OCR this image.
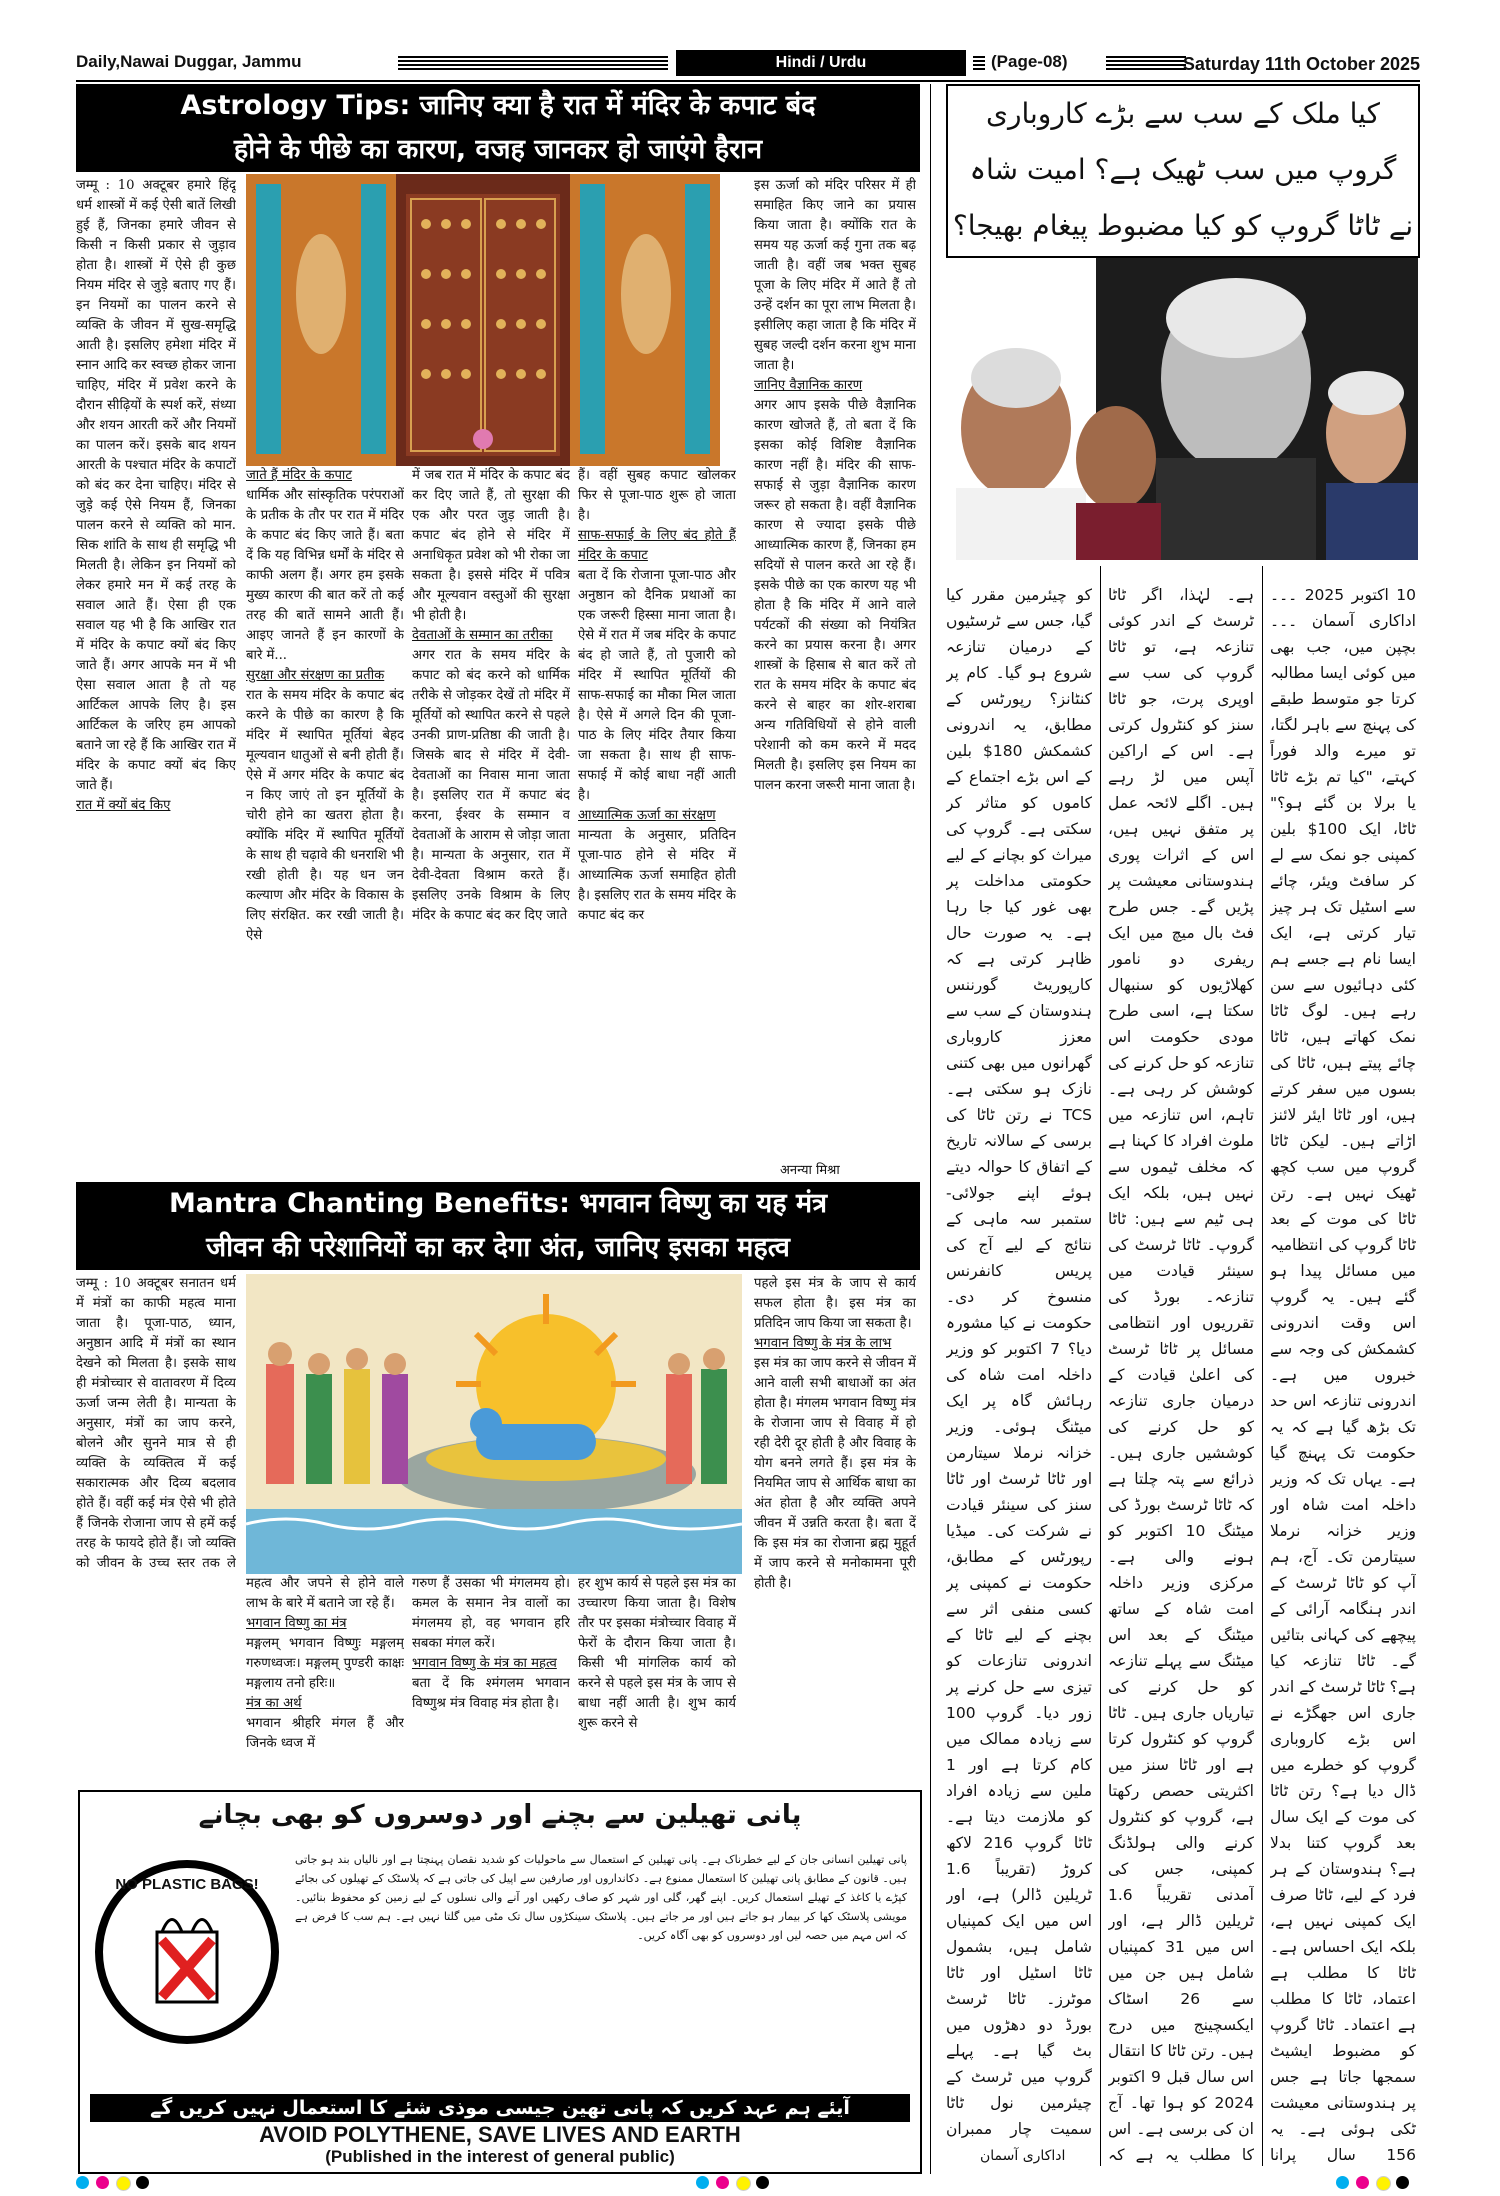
Daily,Nawai Duggar, Jammu	Hindi / Urdu	(Page-08)	Saturday 11th October 2025
Astrology Tips: जानिए क्या है रात में मंदिर के कपाट बंद
होने के पीछे का कारण, वजह जानकर हो जाएंगे हैरान

जम्मू : 10 अक्टूबर हमारे हिंदू धर्म शास्त्रों में कई ऐसी बातें लिखी हुई हैं, जिनका हमारे जीवन से किसी न किसी प्रकार से जुड़ाव होता है। शास्त्रों में ऐसे ही कुछ नियम मंदिर से जुड़े बताए गए हैं। इन नियमों का पालन करने से व्यक्ति के जीवन में सुख-समृद्धि आती है। इसलिए हमेशा मंदिर में स्नान आदि कर स्वच्छ होकर जाना चाहिए, मंदिर में प्रवेश करने के दौरान सीढ़ियों के स्पर्श करें, संध्या और शयन आरती करें और नियमों का पालन करें। इसके बाद शयन आरती के पश्चात मंदिर के कपाटों को बंद कर देना चाहिए। मंदिर से जुड़े कई ऐसे नियम हैं, जिनका पालन करने से व्यक्ति को मान. सिक शांति के साथ ही समृद्धि भी मिलती है। लेकिन इन नियमों को लेकर हमारे मन में कई तरह के सवाल आते हैं। ऐसा ही एक सवाल यह भी है कि आखिर रात में मंदिर के कपाट क्यों बंद किए जाते हैं। अगर आपके मन में भी ऐसा सवाल आता है तो यह आर्टिकल आपके लिए है। इस आर्टिकल के जरिए हम आपको बताने जा रहे हैं कि आखिर रात में मंदिर के कपाट क्यों बंद किए जाते हैं।

रात में क्यों बंद किए

जाते हैं मंदिर के कपाट

धार्मिक और सांस्कृतिक परंपराओं के प्रतीक के तौर पर रात में मंदिर के कपाट बंद किए जाते हैं। बता दें कि यह विभिन्न धर्मों के मंदिर से काफी अलग हैं। अगर हम इसके मुख्य कारण की बात करें तो कई तरह की बातें सामने आती हैं। आइए जानते हैं इन कारणों के बारे में...

सुरक्षा और संरक्षण का प्रतीक

रात के समय मंदिर के कपाट बंद करने के पीछे का कारण है कि मंदिर में स्थापित मूर्तियां बेहद मूल्यवान धातुओं से बनी होती हैं। ऐसे में अगर मंदिर के कपाट बंद न किए जाएं तो इन मूर्तियों के चोरी होने का खतरा होता है। क्योंकि मंदिर में स्थापित मूर्तियों के साथ ही चढ़ावे की धनराशि भी रखी होती है। यह धन जन कल्याण और मंदिर के विकास के लिए संरक्षित. कर रखी जाती है। ऐसे

में जब रात में मंदिर के कपाट बंद कर दिए जाते हैं, तो सुरक्षा की एक और परत जुड़ जाती है। कपाट बंद होने से मंदिर में अनाधिकृत प्रवेश को भी रोका जा सकता है। इससे मंदिर में पवित्र और मूल्यवान वस्तुओं की सुरक्षा भी होती है।

देवताओं के सम्मान का तरीका

अगर रात के समय मंदिर के कपाट को बंद करने को धार्मिक तरीके से जोड़कर देखें तो मंदिर में मूर्तियों को स्थापित करने से पहले उनकी प्राण-प्रतिष्ठा की जाती है। जिसके बाद से मंदिर में देवी-देवताओं का निवास माना जाता है। इसलिए रात में कपाट बंद करना, ईश्वर के सम्मान व देवताओं के आराम से जोड़ा जाता है। मान्यता के अनुसार, रात में देवी-देवता विश्राम करते हैं। इसलिए उनके विश्राम के लिए मंदिर के कपाट बंद कर दिए जाते

हैं। वहीं सुबह कपाट खोलकर फिर से पूजा-पाठ शुरू हो जाता है।

साफ-सफाई के लिए बंद होते हैं मंदिर के कपाट

बता दें कि रोजाना पूजा-पाठ और अनुष्ठान को दैनिक प्रथाओं का एक जरूरी हिस्सा माना जाता है। ऐसे में रात में जब मंदिर के कपाट बंद हो जाते हैं, तो पुजारी को मंदिर में स्थापित मूर्तियों की साफ-सफाई का मौका मिल जाता है। ऐसे में अगले दिन की पूजा-पाठ के लिए मंदिर तैयार किया जा सकता है। साथ ही साफ-सफाई में कोई बाधा नहीं आती है।

आध्यात्मिक ऊर्जा का संरक्षण

मान्यता के अनुसार, प्रतिदिन पूजा-पाठ होने से मंदिर में आध्यात्मिक ऊर्जा समाहित होती है। इसलिए रात के समय मंदिर के कपाट बंद कर

इस ऊर्जा को मंदिर परिसर में ही समाहित किए जाने का प्रयास किया जाता है। क्योंकि रात के समय यह ऊर्जा कई गुना तक बढ़ जाती है। वहीं जब भक्त सुबह पूजा के लिए मंदिर में आते हैं तो उन्हें दर्शन का पूरा लाभ मिलता है। इसीलिए कहा जाता है कि मंदिर में सुबह जल्दी दर्शन करना शुभ माना जाता है।

जानिए वैज्ञानिक कारण

अगर आप इसके पीछे वैज्ञानिक कारण खोजते हैं, तो बता दें कि इसका कोई विशिष्ट वैज्ञानिक कारण नहीं है। मंदिर की साफ-सफाई से जुड़ा वैज्ञानिक कारण जरूर हो सकता है। वहीं वैज्ञानिक कारण से ज्यादा इसके पीछे आध्यात्मिक कारण हैं, जिनका हम सदियों से पालन करते आ रहे हैं। इसके पीछे का एक कारण यह भी होता है कि मंदिर में आने वाले पर्यटकों की संख्या को नियंत्रित करने का प्रयास करना है। अगर शास्त्रों के हिसाब से बात करें तो रात के समय मंदिर के कपाट बंद करने से बाहर का शोर-शराबा अन्य गतिविधियों से होने वाली परेशानी को कम करने में मदद मिलती है। इसलिए इस नियम का पालन करना जरूरी माना जाता है।

अनन्या मिश्रा
Mantra Chanting Benefits: भगवान विष्णु का यह मंत्र
जीवन की परेशानियों का कर देगा अंत, जानिए इसका महत्व

जम्मू : 10 अक्टूबर सनातन धर्म में मंत्रों का काफी महत्व माना जाता है। पूजा-पाठ, ध्यान, अनुष्ठान आदि में मंत्रों का स्थान देखने को मिलता है। इसके साथ ही मंत्रोच्चार से वातावरण में दिव्य ऊर्जा जन्म लेती है। मान्यता के अनुसार, मंत्रों का जाप करने, बोलने और सुनने मात्र से ही व्यक्ति के व्यक्तित्व में कई सकारात्मक और दिव्य बदलाव होते हैं। वहीं कई मंत्र ऐसे भी होते हैं जिनके रोजाना जाप से हमें कई तरह के फायदे होते हैं। जो व्यक्ति को जीवन के उच्च स्तर तक ले

महत्व और जपने से होने वाले लाभ के बारे में बताने जा रहे हैं।

भगवान विष्णु का मंत्र

मङ्गलम् भगवान विष्णुः मङ्गलम् गरुणध्वजः। मङ्गलम् पुण्डरी काक्षः मङ्गलाय तनो हरिः॥

मंत्र का अर्थ

भगवान श्रीहरि मंगल हैं और जिनके ध्वज में

गरुण हैं उसका भी मंगलमय हो। कमल के समान नेत्र वालों का मंगलमय हो, वह भगवान हरि सबका मंगल करें।

भगवान विष्णु के मंत्र का महत्व

बता दें कि श्मंगलम भगवान विष्णुश्र मंत्र विवाह मंत्र होता है।

हर शुभ कार्य से पहले इस मंत्र का उच्चारण किया जाता है। विशेष तौर पर इसका मंत्रोच्चार विवाह में फेरों के दौरान किया जाता है। किसी भी मांगलिक कार्य को करने से पहले इस मंत्र के जाप से बाधा नहीं आती है। शुभ कार्य शुरू करने से

पहले इस मंत्र के जाप से कार्य सफल होता है। इस मंत्र का प्रतिदिन जाप किया जा सकता है।

भगवान विष्णु के मंत्र के लाभ

इस मंत्र का जाप करने से जीवन में आने वाली सभी बाधाओं का अंत होता है। मंगलम भगवान विष्णु मंत्र के रोजाना जाप से विवाह में हो रही देरी दूर होती है और विवाह के योग बनने लगते हैं। इस मंत्र के नियमित जाप से आर्थिक बाधा का अंत होता है और व्यक्ति अपने जीवन में उन्नति करता है। बता दें कि इस मंत्र का रोजाना ब्रह्म मुहूर्त में जाप करने से मनोकामना पूरी होती है।

پانی تھیلین سے بچنے اور دوسروں کو بھی بچانے
NO PLASTIC BAGS!
پانی تھیلین انسانی جان کے لیے خطرناک ہے۔ پانی تھیلین کے استعمال سے ماحولیات کو شدید نقصان پہنچتا ہے اور نالیاں بند ہو جاتی ہیں۔ قانون کے مطابق پانی تھیلین کا استعمال ممنوع ہے۔ دکانداروں اور صارفین سے اپیل کی جاتی ہے کہ پلاسٹک کے تھیلوں کی بجائے کپڑے یا کاغذ کے تھیلے استعمال کریں۔ اپنے گھر، گلی اور شہر کو صاف رکھیں اور آنے والی نسلوں کے لیے زمین کو محفوظ بنائیں۔ مویشی پلاسٹک کھا کر بیمار ہو جاتے ہیں اور مر جاتے ہیں۔ پلاسٹک سینکڑوں سال تک مٹی میں گلتا نہیں ہے۔ ہم سب کا فرض ہے کہ اس مہم میں حصہ لیں اور دوسروں کو بھی آگاہ کریں۔
آیئے ہم عہد کریں کہ پانی تھین جیسی موذی شئے کا استعمال نہیں کریں گے
AVOID POLYTHENE, SAVE LIVES AND EARTH
(Published in the interest of general public)
کیا ملک کے سب سے بڑے کاروباری
گروپ میں سب ٹھیک ہے؟ امیت شاہ
نے ٹاٹا گروپ کو کیا مضبوط پیغام بھیجا؟

10 اکتوبر 2025 ۔۔۔ اداکاری آسمان ۔۔۔ بچپن میں، جب بھی میں کوئی ایسا مطالبہ کرتا جو متوسط طبقے کی پہنچ سے باہر لگتا، تو میرے والد فوراً کہتے، "کیا تم بڑے ٹاٹا یا برلا بن گئے ہو؟" ٹاٹا، ایک 100$ بلین کمپنی جو نمک سے لے کر سافٹ ویئر، چائے سے اسٹیل تک ہر چیز تیار کرتی ہے، ایک ایسا نام ہے جسے ہم کئی دہائیوں سے سن رہے ہیں۔ لوگ ٹاٹا نمک کھاتے ہیں، ٹاٹا چائے پیتے ہیں، ٹاٹا کی بسوں میں سفر کرتے ہیں، اور ٹاٹا ایئر لائنز اڑاتے ہیں۔ لیکن ٹاٹا گروپ میں سب کچھ ٹھیک نہیں ہے۔ رتن ٹاٹا کی موت کے بعد ٹاٹا گروپ کی انتظامیہ میں مسائل پیدا ہو گئے ہیں۔ یہ گروپ اس وقت اندرونی کشمکش کی وجہ سے خبروں میں ہے۔ اندرونی تنازعہ اس حد تک بڑھ گیا ہے کہ یہ حکومت تک پہنچ گیا ہے۔ یہاں تک کہ وزیر داخلہ امت شاہ اور وزیر خزانہ نرملا سیتارمن تک۔ آج، ہم آپ کو ٹاٹا ٹرسٹ کے اندر ہنگامہ آرائی کے پیچھے کی کہانی بتائیں گے۔ ٹاٹا تنازعہ کیا ہے؟ ٹاٹا ٹرسٹ کے اندر جاری اس جھگڑے نے اس بڑے کاروباری گروپ کو خطرے میں ڈال دیا ہے؟ رتن ٹاٹا کی موت کے ایک سال بعد گروپ کتنا بدلا ہے؟ ہندوستان کے ہر فرد کے لیے، ٹاٹا صرف ایک کمپنی نہیں ہے، بلکہ ایک احساس ہے۔ ٹاٹا کا مطلب ہے اعتماد، ٹاٹا کا مطلب ہے اعتماد۔ ٹاٹا گروپ کو مضبوط ایشیٹ سمجھا جاتا ہے جس پر ہندوستانی معیشت ٹکی ہوئی ہے۔ یہ 156 سال پرانا

ہے۔ لہٰذا، اگر ٹاٹا ٹرسٹ کے اندر کوئی تنازعہ ہے، تو ٹاٹا گروپ کی سب سے اوپری پرت، جو ٹاٹا سنز کو کنٹرول کرتی ہے۔ اس کے اراکین آپس میں لڑ رہے ہیں۔ اگلے لائحہ عمل پر متفق نہیں ہیں، اس کے اثرات پوری ہندوستانی معیشت پر پڑیں گے۔ جس طرح فٹ بال میچ میں ایک ریفری دو نامور کھلاڑیوں کو سنبھال سکتا ہے، اسی طرح مودی حکومت اس تنازعہ کو حل کرنے کی کوشش کر رہی ہے۔ تاہم، اس تنازعہ میں ملوث افراد کا کہنا ہے کہ مخلف ٹیموں سے نہیں ہیں، بلکہ ایک ہی ٹیم سے ہیں: ٹاٹا گروپ۔ ٹاٹا ٹرسٹ کی سینئر قیادت میں تنازعہ۔ بورڈ کی تقرریوں اور انتظامی مسائل پر ٹاٹا ٹرسٹ کی اعلیٰ قیادت کے درمیان جاری تنازعہ کو حل کرنے کی کوششیں جاری ہیں۔ ذرائع سے پتہ چلتا ہے کہ ٹاٹا ٹرسٹ بورڈ کی میٹنگ 10 اکتوبر کو ہونے والی ہے۔ مرکزی وزیر داخلہ امت شاہ کے ساتھ میٹنگ کے بعد اس میٹنگ سے پہلے تنازعہ کو حل کرنے کی تیاریاں جاری ہیں۔ ٹاٹا گروپ کو کنٹرول کرتا ہے اور ٹاٹا سنز میں اکثریتی حصص رکھتا ہے، گروپ کو کنٹرول کرنے والی ہولڈنگ کمپنی، جس کی آمدنی تقریباً 1.6 ٹریلین ڈالر ہے، اور اس میں 31 کمپنیاں شامل ہیں جن میں سے 26 اسٹاک ایکسچینج میں درج ہیں۔ رتن ٹاٹا کا انتقال اس سال قبل 9 اکتوبر 2024 کو ہوا تھا۔ آج ان کی برسی ہے۔ اس کا مطلب یہ ہے کہ

کو چیئرمین مقرر کیا گیا، جس سے ٹرسٹیوں کے درمیان تنازعہ شروع ہو گیا۔ کام پر کنٹانز؟ رپورٹس کے مطابق، یہ اندرونی کشمکش 180$ بلین کے اس بڑے اجتماع کے کاموں کو متاثر کر سکتی ہے۔ گروپ کی میراث کو بچانے کے لیے حکومتی مداخلت پر بھی غور کیا جا رہا ہے۔ یہ صورت حال ظاہر کرتی ہے کہ کارپوریٹ گورننس ہندوستان کے سب سے معزز کاروباری گھرانوں میں بھی کتنی نازک ہو سکتی ہے۔ TCS نے رتن ٹاٹا کی برسی کے سالانہ تاریخ کے اتفاق کا حوالہ دیتے ہوئے اپنے جولائی-ستمبر سہ ماہی کے نتائج کے لیے آج کی پریس کانفرنس منسوخ کر دی۔ حکومت نے کیا مشورہ دیا؟ 7 اکتوبر کو وزیر داخلہ امت شاہ کی رہائش گاہ پر ایک میٹنگ ہوئی۔ وزیر خزانہ نرملا سیتارمن اور ٹاٹا ٹرسٹ اور ٹاٹا سنز کی سینئر قیادت نے شرکت کی۔ میڈیا رپورٹس کے مطابق، حکومت نے کمپنی پر کسی منفی اثر سے بچنے کے لیے ٹاٹا کے اندرونی تنازعات کو تیزی سے حل کرنے پر زور دیا۔ گروپ 100 سے زیادہ ممالک میں کام کرتا ہے اور 1 ملین سے زیادہ افراد کو ملازمت دیتا ہے۔ ٹاٹا گروپ 216 لاکھ کروڑ (تقریباً 1.6 ٹریلین ڈالر) ہے، اور اس میں ایک کمپنیاں شامل ہیں، بشمول ٹاٹا اسٹیل اور ٹاٹا موٹرز۔ ٹاٹا ٹرسٹ بورڈ دو دھڑوں میں بٹ گیا ہے۔ پہلے گروپ میں ٹرسٹ کے چیئرمین نول ٹاٹا سمیت چار ممبران

اداکاری آسمان
